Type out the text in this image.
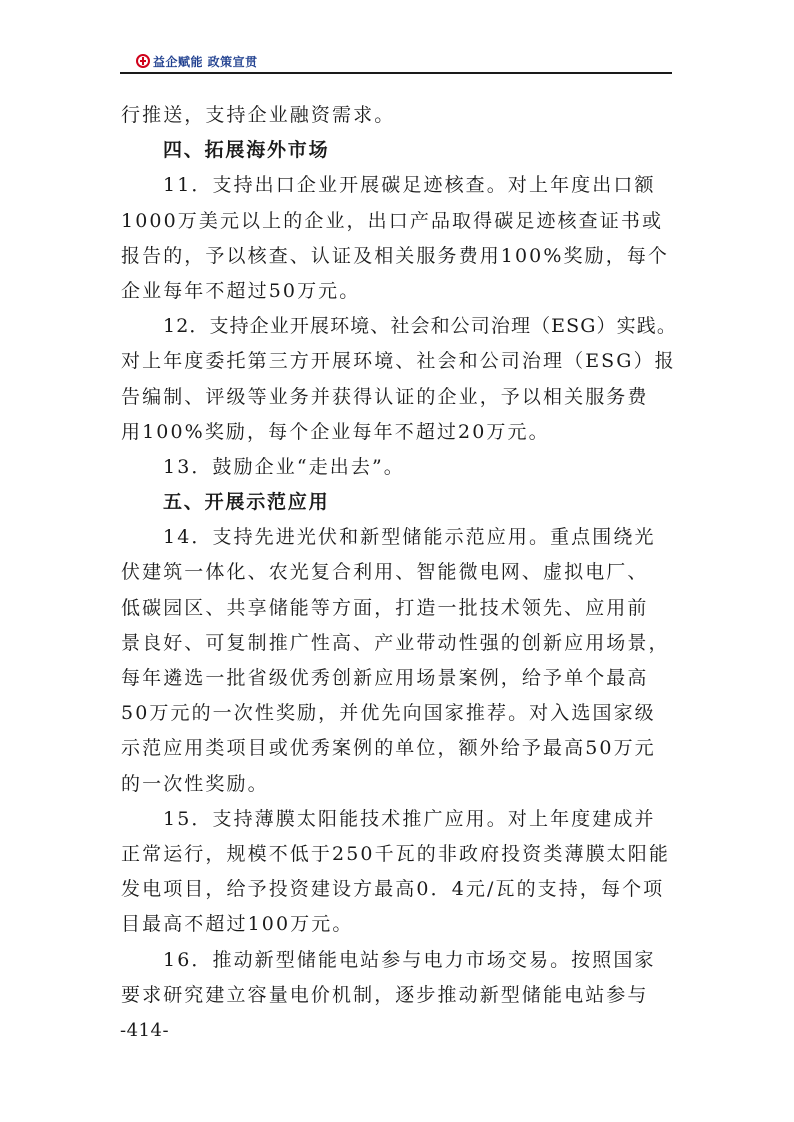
益企赋能 政策宣贯
行推送，支持企业融资需求。
四、拓展海外市场
11．支持出口企业开展碳足迹核查。对上年度出口额
1000万美元以上的企业，出口产品取得碳足迹核查证书或
报告的，予以核查、认证及相关服务费用100%奖励，每个
企业每年不超过50万元。
12．支持企业开展环境、社会和公司治理（ESG）实践。
对上年度委托第三方开展环境、社会和公司治理（ESG）报
告编制、评级等业务并获得认证的企业，予以相关服务费
用100%奖励，每个企业每年不超过20万元。
13．鼓励企业“走出去”。
五、开展示范应用
14．支持先进光伏和新型储能示范应用。重点围绕光
伏建筑一体化、农光复合利用、智能微电网、虚拟电厂、
低碳园区、共享储能等方面，打造一批技术领先、应用前
景良好、可复制推广性高、产业带动性强的创新应用场景，
每年遴选一批省级优秀创新应用场景案例，给予单个最高
50万元的一次性奖励，并优先向国家推荐。对入选国家级
示范应用类项目或优秀案例的单位，额外给予最高50万元
的一次性奖励。
15．支持薄膜太阳能技术推广应用。对上年度建成并
正常运行，规模不低于250千瓦的非政府投资类薄膜太阳能
发电项目，给予投资建设方最高0．4元/瓦的支持，每个项
目最高不超过100万元。
16．推动新型储能电站参与电力市场交易。按照国家
要求研究建立容量电价机制，逐步推动新型储能电站参与
-414-
